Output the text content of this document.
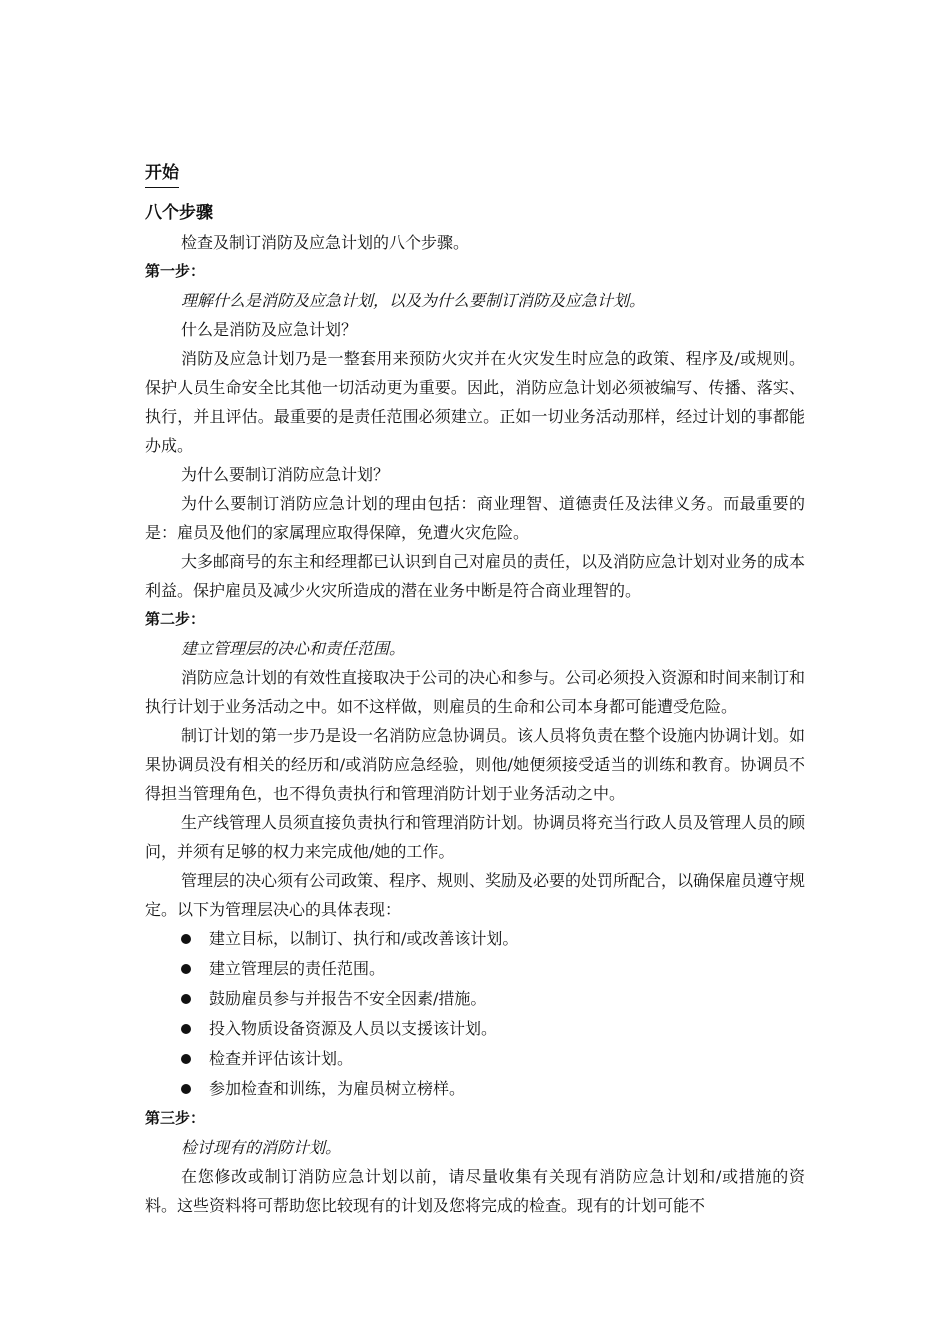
开始
八个步骤

检查及制订消防及应急计划的八个步骤。

第一步：

理解什么是消防及应急计划，以及为什么要制订消防及应急计划。

什么是消防及应急计划？

消防及应急计划乃是一整套用来预防火灾并在火灾发生时应急的政策、程序及/或规则。保护人员生命安全比其他一切活动更为重要。因此，消防应急计划必须被编写、传播、落实、执行，并且评估。最重要的是责任范围必须建立。正如一切业务活动那样，经过计划的事都能办成。

为什么要制订消防应急计划？

为什么要制订消防应急计划的理由包括：商业理智、道德责任及法律义务。而最重要的是：雇员及他们的家属理应取得保障，免遭火灾危险。

大多邮商号的东主和经理都已认识到自己对雇员的责任，以及消防应急计划对业务的成本利益。保护雇员及减少火灾所造成的潜在业务中断是符合商业理智的。

第二步：

建立管理层的决心和责任范围。

消防应急计划的有效性直接取决于公司的决心和参与。公司必须投入资源和时间来制订和执行计划于业务活动之中。如不这样做，则雇员的生命和公司本身都可能遭受危险。

制订计划的第一步乃是设一名消防应急协调员。该人员将负责在整个设施内协调计划。如果协调员没有相关的经历和/或消防应急经验，则他/她便须接受适当的训练和教育。协调员不得担当管理角色，也不得负责执行和管理消防计划于业务活动之中。

生产线管理人员须直接负责执行和管理消防计划。协调员将充当行政人员及管理人员的顾问，并须有足够的权力来完成他/她的工作。

管理层的决心须有公司政策、程序、规则、奖励及必要的处罚所配合，以确保雇员遵守规定。以下为管理层决心的具体表现：

建立目标，以制订、执行和/或改善该计划。
建立管理层的责任范围。
鼓励雇员参与并报告不安全因素/措施。
投入物质设备资源及人员以支援该计划。
检查并评估该计划。
参加检查和训练，为雇员树立榜样。
第三步：

检讨现有的消防计划。

在您修改或制订消防应急计划以前，请尽量收集有关现有消防应急计划和/或措施的资料。这些资料将可帮助您比较现有的计划及您将完成的检查。现有的计划可能不
